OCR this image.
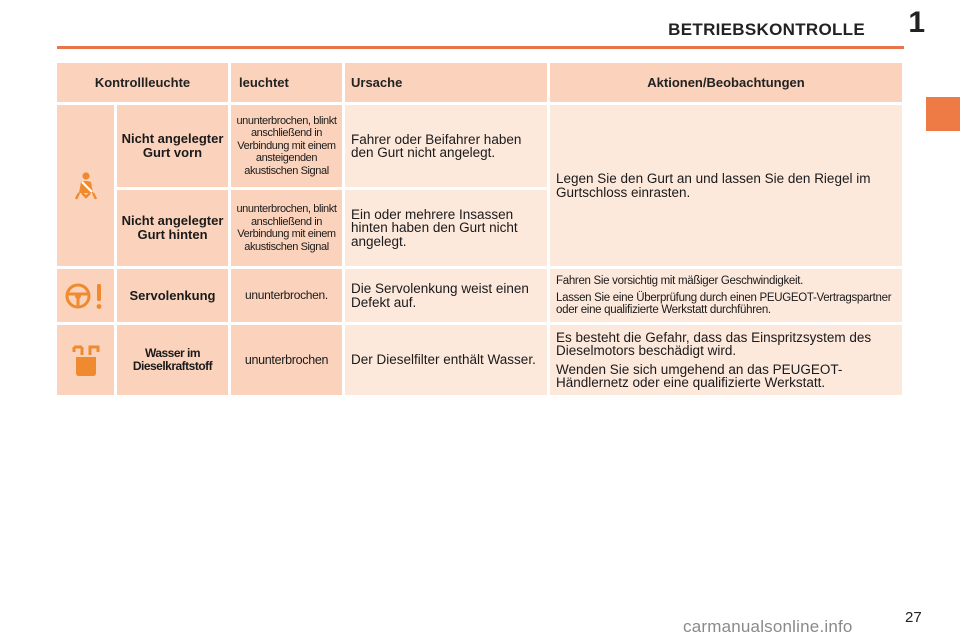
BETRIEBSKONTROLLE 1
Kontrollleuchte		leuchtet	Ursache	Aktionen/Beobachtungen

	Nicht angelegter Gurt vorn	ununterbrochen, blinkt anschließend in Verbindung mit einem ansteigenden akustischen Signal	Fahrer oder Beifahrer haben den Gurt nicht angelegt.	Legen Sie den Gurt an und lassen Sie den Riegel im Gurtschloss einrasten.
	Nicht angelegter Gurt hinten	ununterbrochen, blinkt anschließend in Verbindung mit einem akustischen Signal	Ein oder mehrere Insassen hinten haben den Gurt nicht angelegt.	

	Servolenkung	ununterbrochen.	Die Servolenkung weist einen Defekt auf.	Fahren Sie vorsichtig mit mäßiger Geschwindigkeit.

Lassen Sie eine Überprüfung durch einen PEUGEOT-Vertragspartner oder eine qualifizierte Werkstatt durchführen.

	Wasser im Dieselkraftstoff	ununterbrochen	Der Dieselfilter enthält Wasser.	Es besteht die Gefahr, dass das Einspritzsystem des Dieselmotors beschädigt wird.

Wenden Sie sich umgehend an das PEUGEOT-Händlernetz oder eine qualifizierte Werkstatt.

27
carmanualsonline.info
